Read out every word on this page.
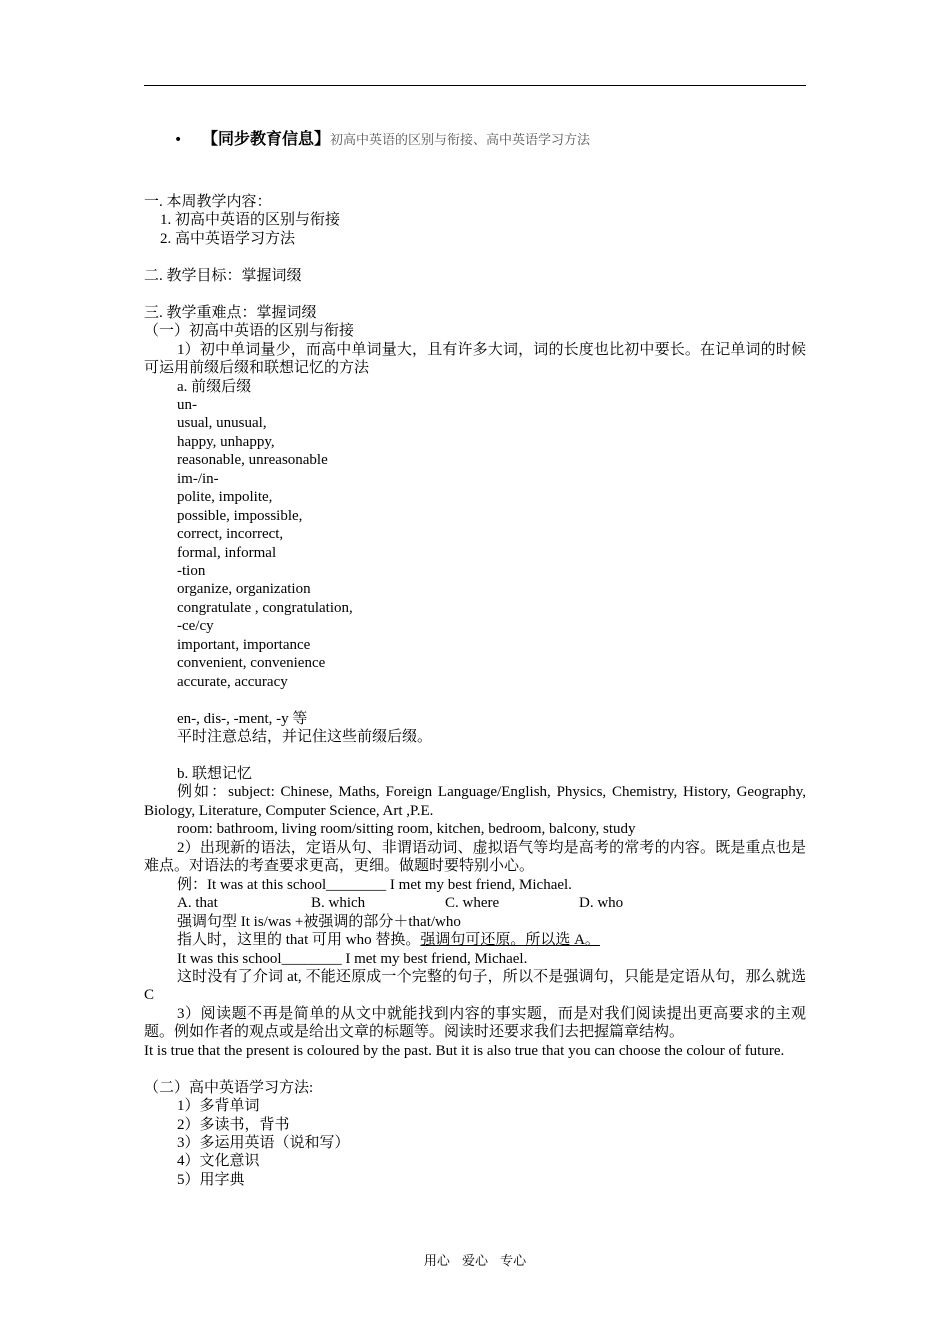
• 【同步教育信息】初高中英语的区别与衔接、高中英语学习方法

一. 本周教学内容：

1. 初高中英语的区别与衔接

2. 高中英语学习方法

二. 教学目标：掌握词缀

三. 教学重难点：掌握词缀

（一）初高中英语的区别与衔接

1）初中单词量少，而高中单词量大，且有许多大词，词的长度也比初中要长。在记单词的时候可运用前缀后缀和联想记忆的方法

a. 前缀后缀

un-

usual, unusual,

happy, unhappy,

reasonable, unreasonable

im-/in-

polite, impolite,

possible, impossible,

correct, incorrect,

formal, informal

-tion

organize, organization

congratulate , congratulation,

-ce/cy

important, importance

convenient, convenience

accurate, accuracy

en-, dis-, -ment, -y 等

平时注意总结，并记住这些前缀后缀。

b. 联想记忆

例如：subject: Chinese, Maths, Foreign Language/English, Physics, Chemistry, History, Geography, Biology, Literature, Computer Science, Art ,P.E.

room: bathroom, living room/sitting room, kitchen, bedroom, balcony, study

2）出现新的语法，定语从句、非谓语动词、虚拟语气等均是高考的常考的内容。既是重点也是难点。对语法的考查要求更高，更细。做题时要特别小心。

例：It was at this school________ I met my best friend, Michael.

A. that	B. which	C. where	D. who

强调句型 It is/was +被强调的部分＋that/who

指人时，这里的 that 可用 who 替换。强调句可还原。所以选 A。

It was this school________ I met my best friend, Michael.

这时没有了介词 at, 不能还原成一个完整的句子，所以不是强调句，只能是定语从句，那么就选 C

3）阅读题不再是简单的从文中就能找到内容的事实题，而是对我们阅读提出更高要求的主观题。例如作者的观点或是给出文章的标题等。阅读时还要求我们去把握篇章结构。

It is true that the present is coloured by the past. But it is also true that you can choose the colour of future.

（二）高中英语学习方法:

1）多背单词

2）多读书，背书

3）多运用英语（说和写）

4）文化意识

5）用字典

用心 爱心 专心
